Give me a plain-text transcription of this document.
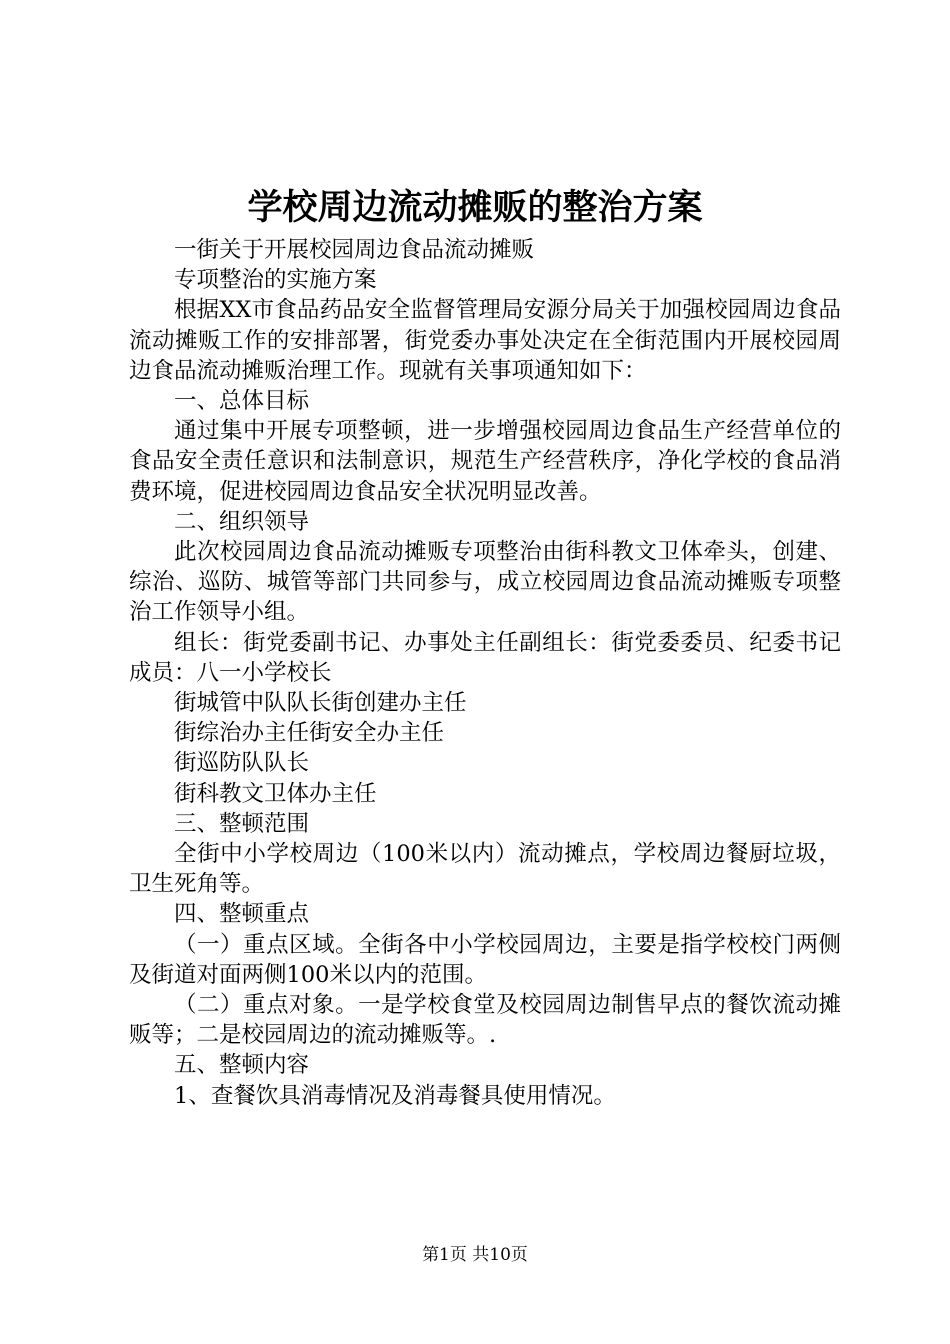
学校周边流动摊贩的整治方案

一街关于开展校园周边食品流动摊贩

专项整治的实施方案

根据XX市食品药品安全监督管理局安源分局关于加强校园周边食品流动摊贩工作的安排部署，街党委办事处决定在全街范围内开展校园周边食品流动摊贩治理工作。现就有关事项通知如下：

一、总体目标

通过集中开展专项整顿，进一步增强校园周边食品生产经营单位的食品安全责任意识和法制意识，规范生产经营秩序，净化学校的食品消费环境，促进校园周边食品安全状况明显改善。

二、组织领导

此次校园周边食品流动摊贩专项整治由街科教文卫体牵头，创建、综治、巡防、城管等部门共同参与，成立校园周边食品流动摊贩专项整治工作领导小组。

组长：街党委副书记、办事处主任副组长：街党委委员、纪委书记成员：八一小学校长

街城管中队队长街创建办主任

街综治办主任街安全办主任

街巡防队队长

街科教文卫体办主任

三、整顿范围

全街中小学校周边（100米以内）流动摊点，学校周边餐厨垃圾，卫生死角等。

四、整顿重点

（一）重点区域。全街各中小学校园周边，主要是指学校校门两侧及街道对面两侧100米以内的范围。

（二）重点对象。一是学校食堂及校园周边制售早点的餐饮流动摊贩等；二是校园周边的流动摊贩等。.

五、整顿内容

1、查餐饮具消毒情况及消毒餐具使用情况。

第1页 共10页
